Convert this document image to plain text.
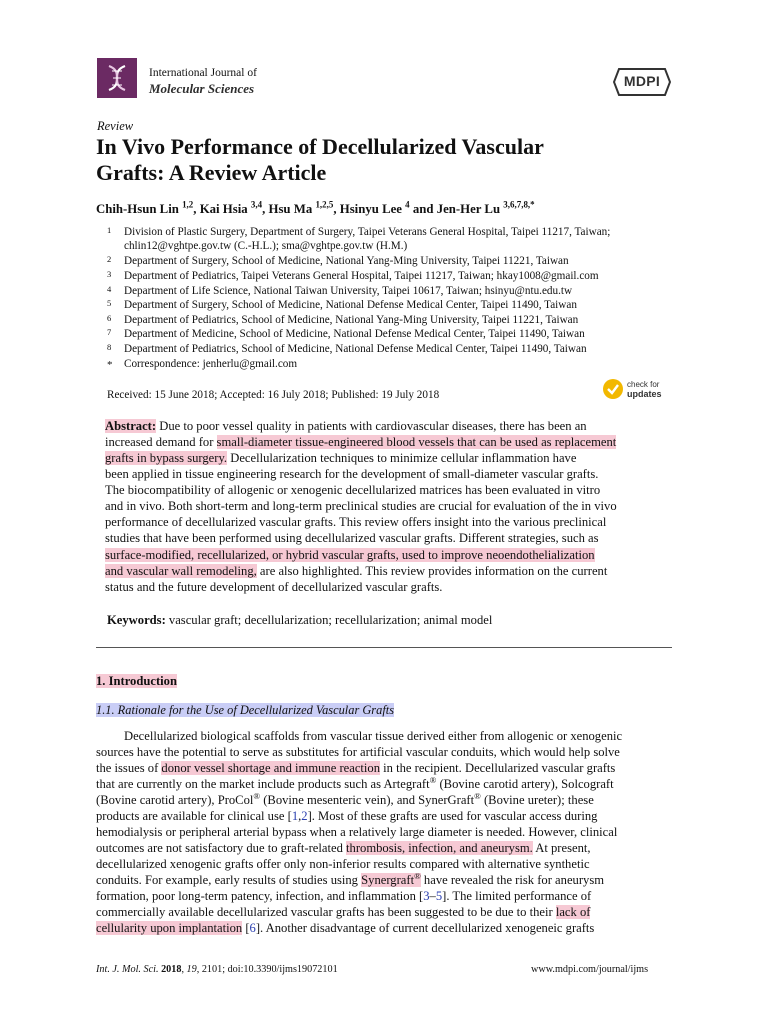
International Journal of
Molecular Sciences	MDPI
Review
In Vivo Performance of Decellularized Vascular
Grafts: A Review Article
Chih-Hsun Lin $^{1,2}$, Kai Hsia $^{3,4}$, Hsu Ma $^{1,2,5}$, Hsinyu Lee $^4$ and Jen-Her Lu $^{3,6,7,8,*}$
1 Division of Plastic Surgery, Department of Surgery, Taipei Veterans General Hospital, Taipei 11217, Taiwan;
chlin12@vghtpe.gov.tw (C.-H.L.); sma@vghtpe.gov.tw (H.M.)
2 Department of Surgery, School of Medicine, National Yang-Ming University, Taipei 11221, Taiwan
3 Department of Pediatrics, Taipei Veterans General Hospital, Taipei 11217, Taiwan; hkay1008@gmail.com
4 Department of Life Science, National Taiwan University, Taipei 10617, Taiwan; hsinyu@ntu.edu.tw
5 Department of Surgery, School of Medicine, National Defense Medical Center, Taipei 11490, Taiwan
6 Department of Pediatrics, School of Medicine, National Yang-Ming University, Taipei 11221, Taiwan
7 Department of Medicine, School of Medicine, National Defense Medical Center, Taipei 11490, Taiwan
8 Department of Pediatrics, School of Medicine, National Defense Medical Center, Taipei 11490, Taiwan
* Correspondence: jenherlu@gmail.com
Received: 15 June 2018; Accepted: 16 July 2018; Published: 19 July 2018
check for
updates
Abstract: Due to poor vessel quality in patients with cardiovascular diseases, there has been an
increased demand for small-diameter tissue-engineered blood vessels that can be used as replacement
grafts in bypass surgery. Decellularization techniques to minimize cellular inflammation have
been applied in tissue engineering research for the development of small-diameter vascular grafts.
The biocompatibility of allogenic or xenogenic decellularized matrices has been evaluated in vitro
and in vivo. Both short-term and long-term preclinical studies are crucial for evaluation of the in vivo
performance of decellularized vascular grafts. This review offers insight into the various preclinical
studies that have been performed using decellularized vascular grafts. Different strategies, such as
surface-modified, recellularized, or hybrid vascular grafts, used to improve neoendothelialization
and vascular wall remodeling, are also highlighted. This review provides information on the current
status and the future development of decellularized vascular grafts.
Keywords: vascular graft; decellularization; recellularization; animal model
1. Introduction
1.1. Rationale for the Use of Decellularized Vascular Grafts
Decellularized biological scaffolds from vascular tissue derived either from allogenic or xenogenic
sources have the potential to serve as substitutes for artificial vascular conduits, which would help solve
the issues of donor vessel shortage and immune reaction in the recipient. Decellularized vascular grafts
that are currently on the market include products such as Artegraft® (Bovine carotid artery), Solcograft
(Bovine carotid artery), ProCol® (Bovine mesenteric vein), and SynerGraft® (Bovine ureter); these
products are available for clinical use [1,2]. Most of these grafts are used for vascular access during
hemodialysis or peripheral arterial bypass when a relatively large diameter is needed. However, clinical
outcomes are not satisfactory due to graft-related thrombosis, infection, and aneurysm. At present,
decellularized xenogenic grafts offer only non-inferior results compared with alternative synthetic
conduits. For example, early results of studies using Synergraft® have revealed the risk for aneurysm
formation, poor long-term patency, infection, and inflammation [3–5]. The limited performance of
commercially available decellularized vascular grafts has been suggested to be due to their lack of
cellularity upon implantation [6]. Another disadvantage of current decellularized xenogeneic grafts
Int. J. Mol. Sci. 2018, 19, 2101; doi:10.3390/ijms19072101	www.mdpi.com/journal/ijms
